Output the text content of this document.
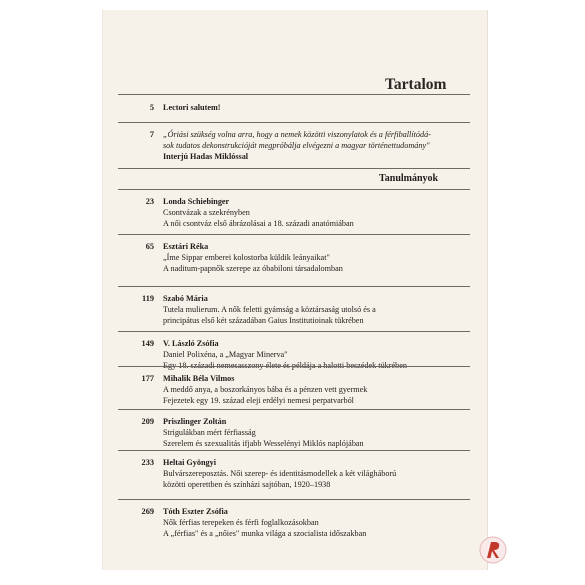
Tartalom
5 Lectori salutem!
7 „Óriási szükség volna arra, hogy a nemek közötti viszonylatok és a férfiballítódá-
sok tudatos dekonstrukcióját megpróbálja elvégezni a magyar történettudomány"
Interjú Hadas Miklóssal
Tanulmányok
23 Londa Schiebinger
Csontvázak a szekrényben
A női csontváz első ábrázolásai a 18. századi anatómiában
65 Esztári Réka
„Íme Sippar emberei kolostorba küldik leányaikat"
A naditum-papnők szerepe az óbabiloni társadalomban
119 Szabó Mária
Tutela mulierum. A nők feletti gyámság a köztársaság utolsó és a
principátus első két századában Gaius Institutioinak tükrében
149 V. László Zsófia
Daniel Polixéna, a „Magyar Minerva"
Egy 18. századi nemesasszony élete és példája a halotti beszédek tükrében
177 Mihalik Béla Vilmos
A meddő anya, a boszorkányos bába és a pénzen vett gyermek
Fejezetek egy 19. század eleji erdélyi nemesi perpatvarból
209 Priszlinger Zoltán
Strigulákban mért férfiasság
Szerelem és szexualitás ifjabb Wesselényi Miklós naplójában
233 Heltai Gyöngyi
Bulvárszereposztás. Női szerep- és identitásmodellek a két világháború
közötti operettben és színházi sajtóban, 1920–1938
269 Tóth Eszter Zsófia
Nők férfias terepeken és férfi foglalkozásokban
A „férfias" és a „nőies" munka világa a szocialista időszakban
